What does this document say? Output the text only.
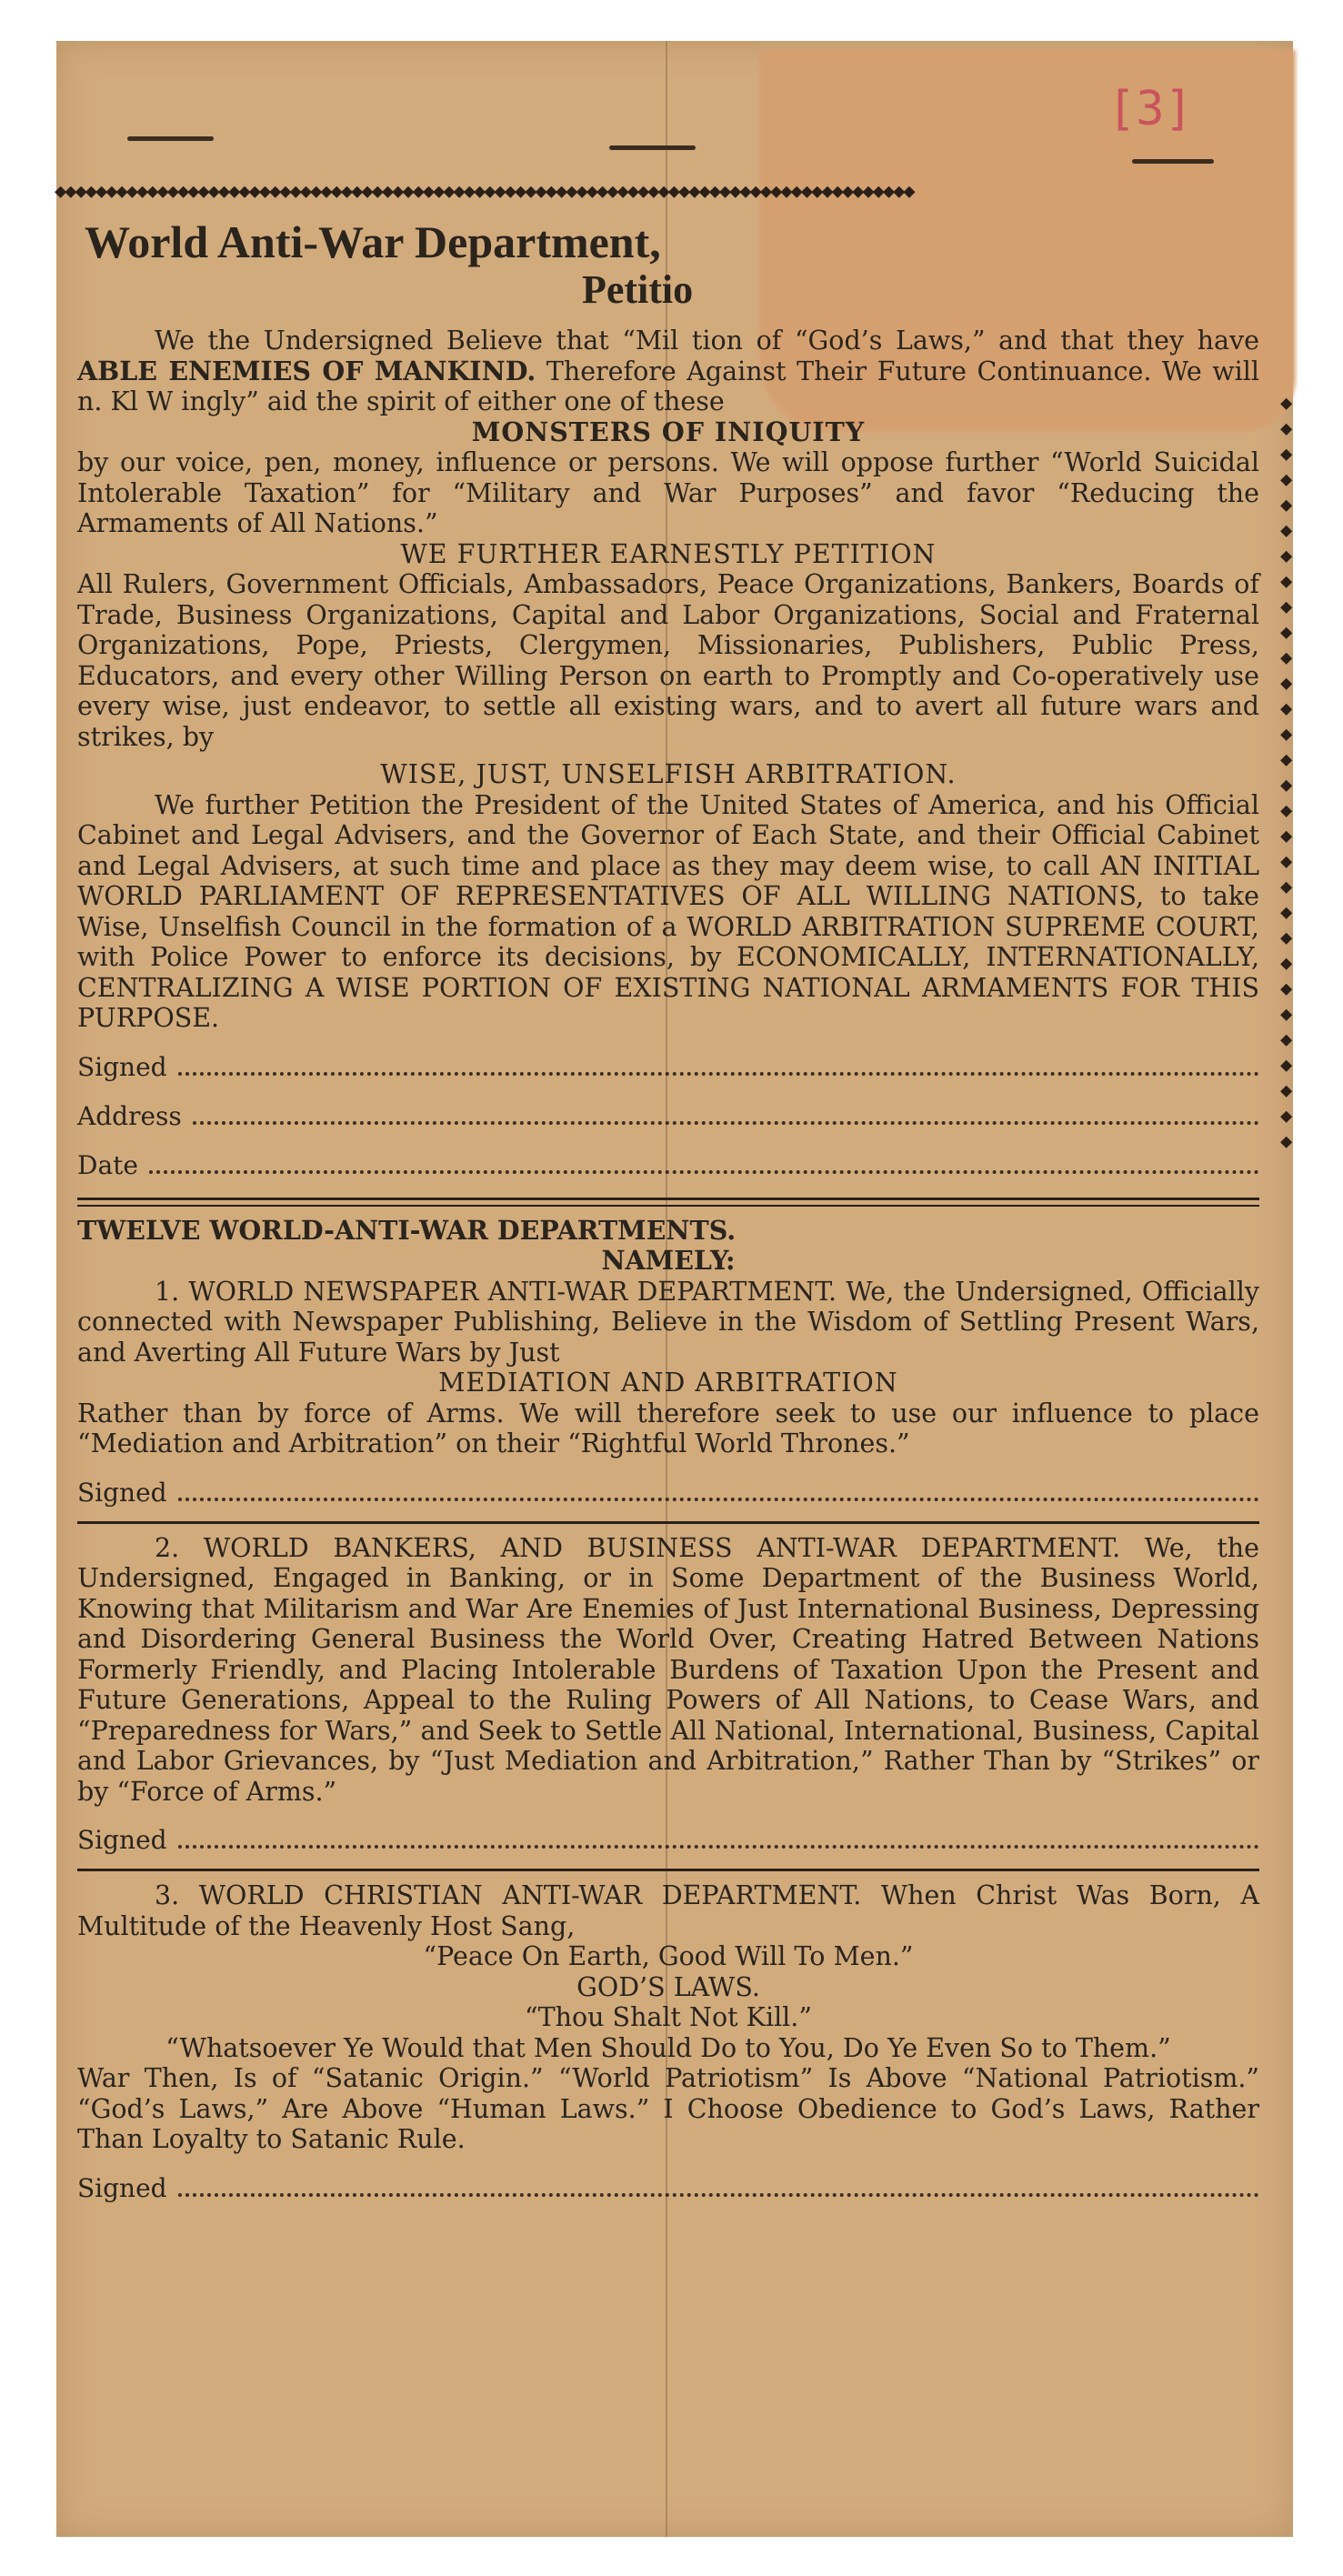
[3]
◆◆◆◆◆◆◆◆◆◆◆◆◆◆◆◆◆◆◆◆◆◆◆◆◆◆◆◆◆◆◆◆◆◆◆◆◆◆◆◆◆◆◆◆◆◆◆◆◆◆◆◆◆◆◆◆◆◆◆◆◆◆◆◆◆◆◆◆◆◆◆◆◆◆◆◆◆◆◆◆◆◆◆◆
◆◆◆◆◆◆◆◆◆◆◆◆◆◆◆◆◆◆◆◆◆◆◆◆◆◆◆◆◆◆
World Anti-War Department,
Petitio

We the Undersigned Believe that “Mil tion of “God’s Laws,” and that they have ABLE ENEMIES OF MANKIND. Therefore Against Their Future Continuance. We will n. Kl W ingly” aid the spirit of either one of these

MONSTERS OF INIQUITY

by our voice, pen, money, influence or persons. We will oppose further “World Suicidal Intolerable Taxation” for “Military and War Purposes” and favor “Reducing the Armaments of All Nations.”

WE FURTHER EARNESTLY PETITION

All Rulers, Government Officials, Ambassadors, Peace Organizations, Bankers, Boards of Trade, Business Organizations, Capital and Labor Organizations, Social and Fraternal Organizations, Pope, Priests, Clergymen, Missionaries, Publishers, Public Press, Educators, and every other Willing Person on earth to Promptly and Co-operatively use every wise, just endeavor, to settle all existing wars, and to avert all future wars and strikes, by

WISE, JUST, UNSELFISH ARBITRATION.

We further Petition the President of the United States of America, and his Official Cabinet and Legal Advisers, and the Governor of Each State, and their Official Cabinet and Legal Advisers, at such time and place as they may deem wise, to call AN INITIAL WORLD PARLIAMENT OF REPRESENTATIVES OF ALL WILLING NATIONS, to take Wise, Unselfish Council in the formation of a WORLD ARBITRATION SUPREME COURT, with Police Power to enforce its decisions, by ECONOMICALLY, INTERNATIONALLY, CENTRALIZING A WISE PORTION OF EXISTING NATIONAL ARMAMENTS FOR THIS PURPOSE.

Signed
Address
Date

TWELVE WORLD-ANTI-WAR DEPARTMENTS.

NAMELY:

1. WORLD NEWSPAPER ANTI-WAR DEPARTMENT. We, the Undersigned, Officially connected with Newspaper Publishing, Believe in the Wisdom of Settling Present Wars, and Averting All Future Wars by Just

MEDIATION AND ARBITRATION

Rather than by force of Arms. We will therefore seek to use our influence to place “Mediation and Arbitration” on their “Rightful World Thrones.”

Signed

2. WORLD BANKERS, AND BUSINESS ANTI-WAR DEPARTMENT. We, the Undersigned, Engaged in Banking, or in Some Department of the Business World, Knowing that Militarism and War Are Enemies of Just International Business, Depressing and Disordering General Business the World Over, Creating Hatred Between Nations Formerly Friendly, and Placing Intolerable Burdens of Taxation Upon the Present and Future Generations, Appeal to the Ruling Powers of All Nations, to Cease Wars, and “Preparedness for Wars,” and Seek to Settle All National, International, Business, Capital and Labor Grievances, by “Just Mediation and Arbitration,” Rather Than by “Strikes” or by “Force of Arms.”

Signed

3. WORLD CHRISTIAN ANTI-WAR DEPARTMENT. When Christ Was Born, A Multitude of the Heavenly Host Sang,

“Peace On Earth, Good Will To Men.”

GOD’S LAWS.

“Thou Shalt Not Kill.”

“Whatsoever Ye Would that Men Should Do to You, Do Ye Even So to Them.”

War Then, Is of “Satanic Origin.” “World Patriotism” Is Above “National Patriotism.” “God’s Laws,” Are Above “Human Laws.” I Choose Obedience to God’s Laws, Rather Than Loyalty to Satanic Rule.

Signed
